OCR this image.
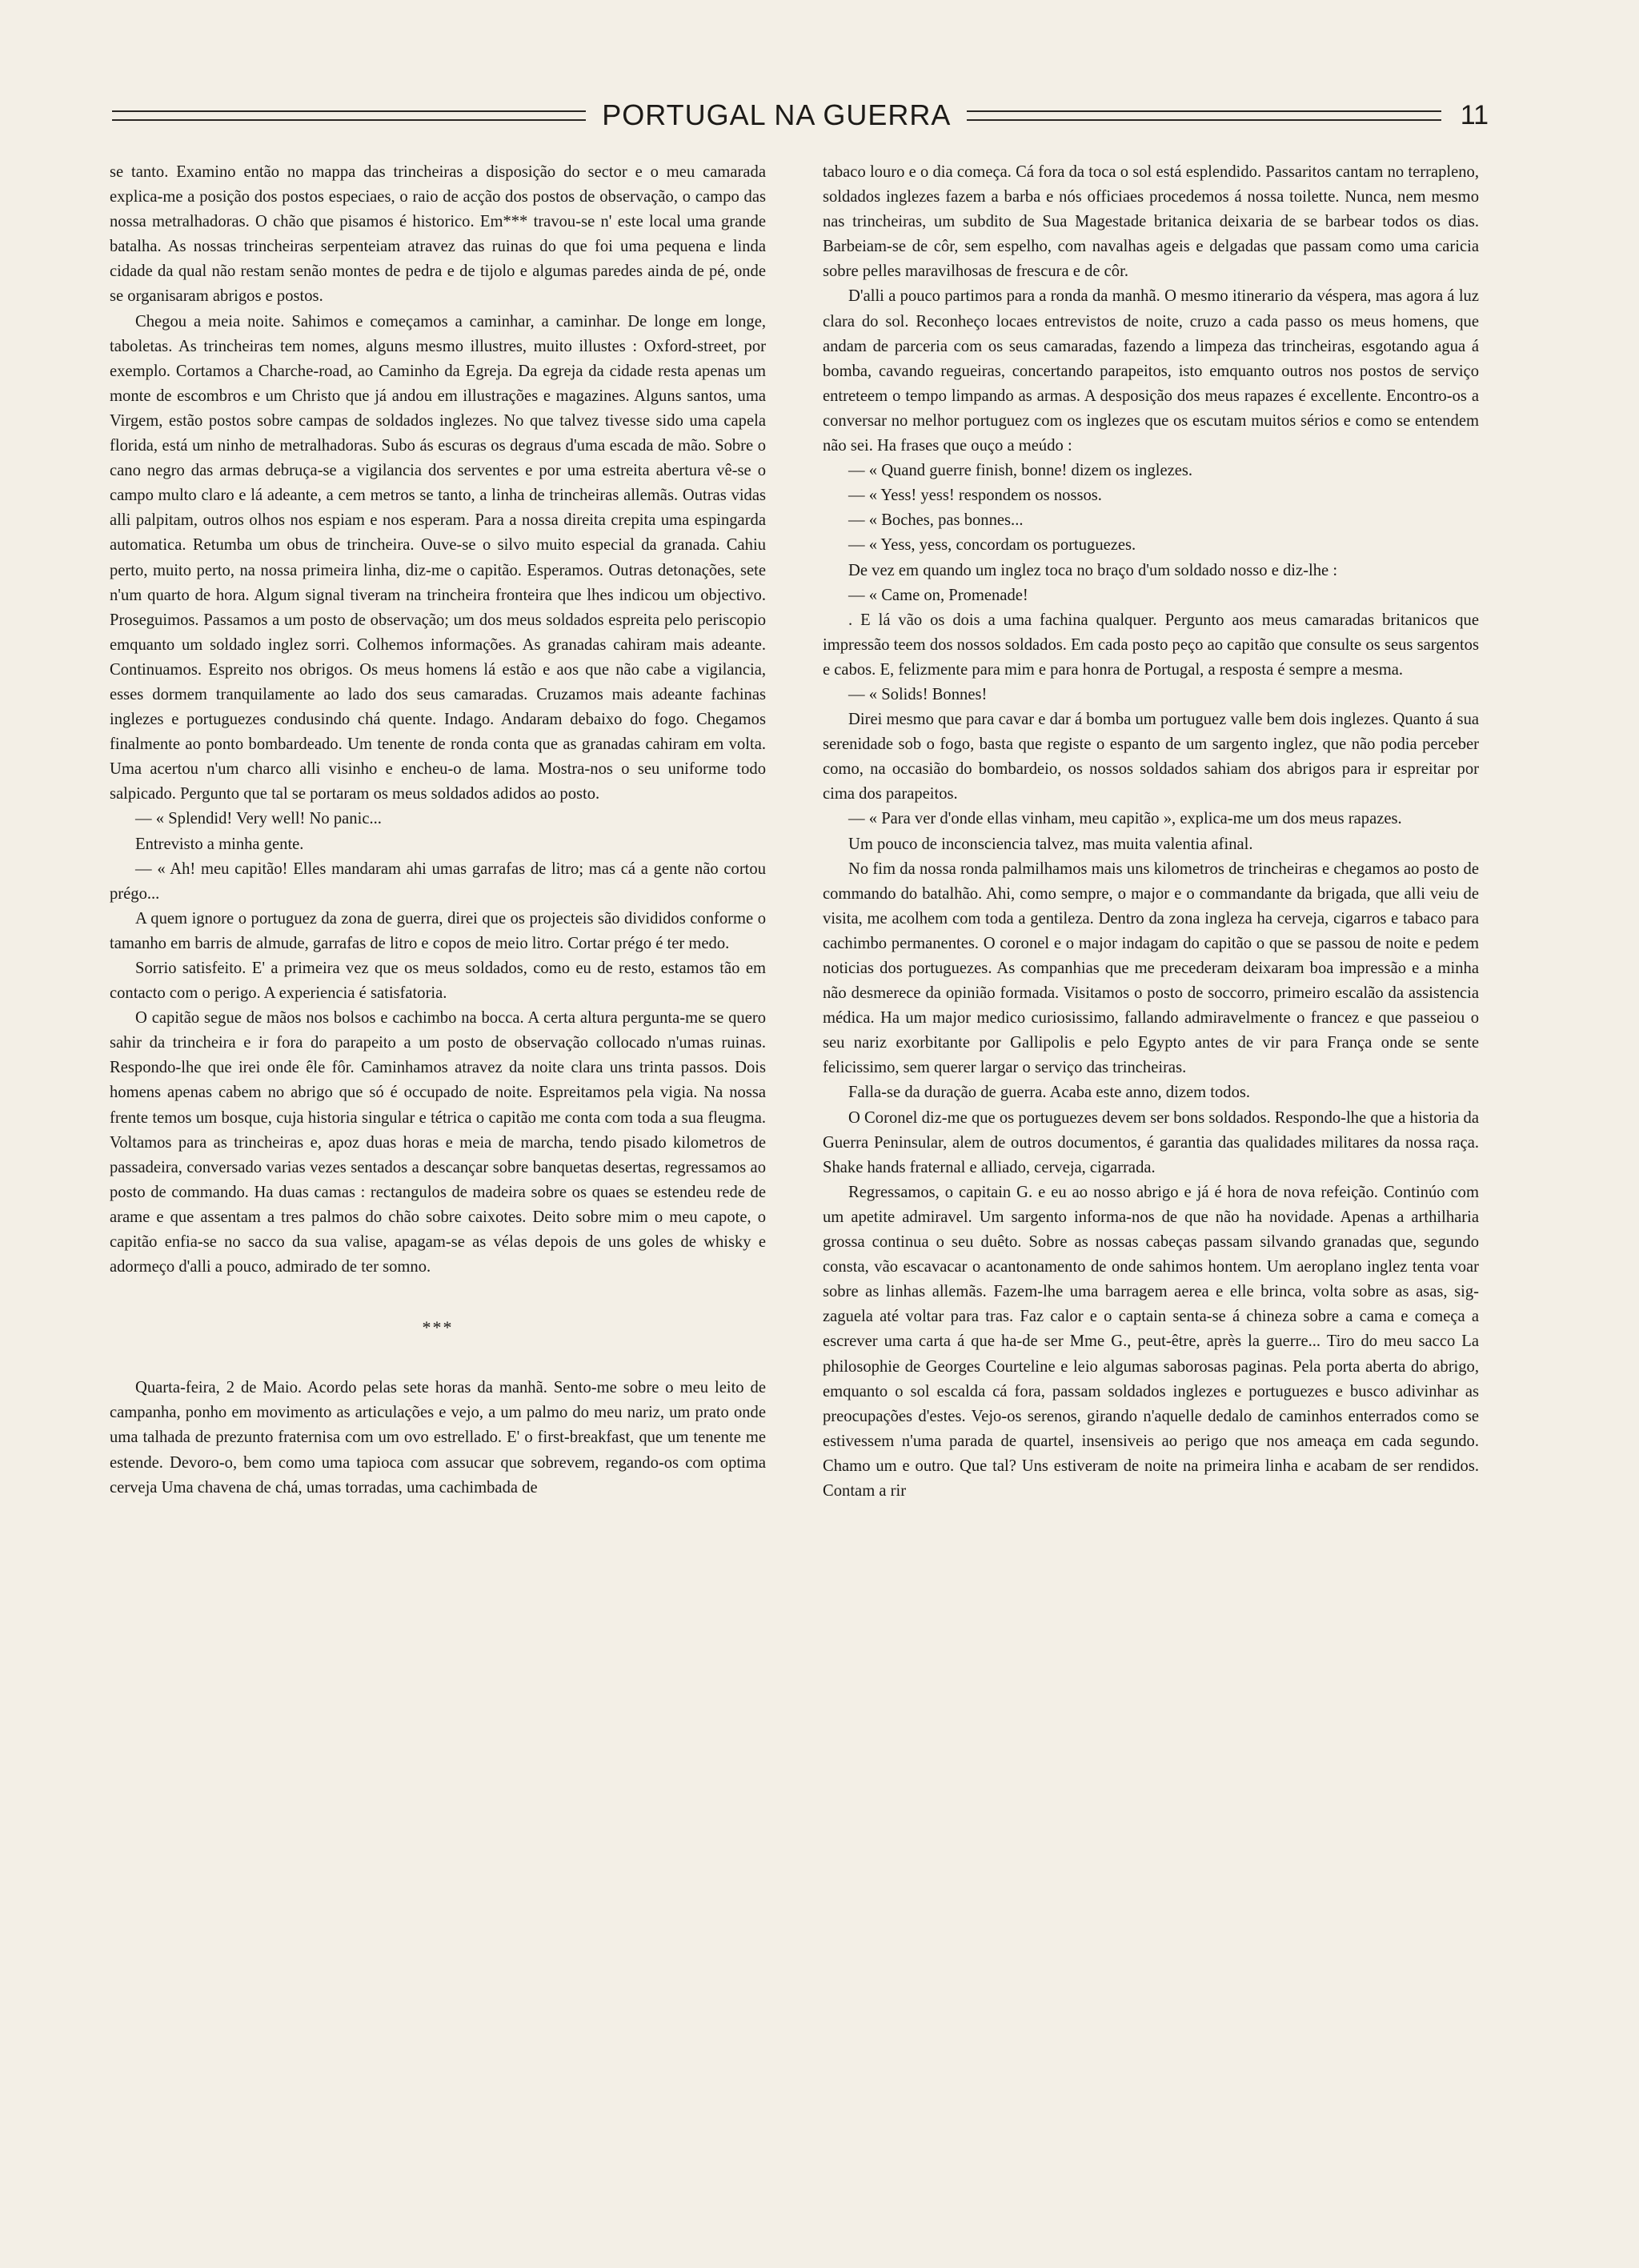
PORTUGAL NA GUERRA	11

se tanto. Examino então no mappa das trincheiras a disposição do sector e o meu camarada explica-me a posição dos postos especiaes, o raio de acção dos postos de observação, o campo das nossa metralhadoras. O chão que pisamos é historico. Em*** travou-se n' este local uma grande batalha. As nossas trincheiras serpenteiam atravez das ruinas do que foi uma pequena e linda cidade da qual não restam senão montes de pedra e de tijolo e algumas paredes ainda de pé, onde se organisaram abrigos e postos.

Chegou a meia noite. Sahimos e começamos a caminhar, a caminhar. De longe em longe, taboletas. As trincheiras tem nomes, alguns mesmo illustres, muito illustes : Oxford-street, por exemplo. Cortamos a Charche-road, ao Caminho da Egreja. Da egreja da cidade resta apenas um monte de escombros e um Christo que já andou em illustrações e magazines. Alguns santos, uma Virgem, estão postos sobre campas de soldados inglezes. No que talvez tivesse sido uma capela florida, está um ninho de metralhadoras. Subo ás escuras os degraus d'uma escada de mão. Sobre o cano negro das armas debruça-se a vigilancia dos serventes e por uma estreita abertura vê-se o campo multo claro e lá adeante, a cem metros se tanto, a linha de trincheiras allemãs. Outras vidas alli palpitam, outros olhos nos espiam e nos esperam. Para a nossa direita crepita uma espingarda automatica. Retumba um obus de trincheira. Ouve-se o silvo muito especial da granada. Cahiu perto, muito perto, na nossa primeira linha, diz-me o capitão. Esperamos. Outras detonações, sete n'um quarto de hora. Algum signal tiveram na trincheira fronteira que lhes indicou um objectivo. Proseguimos. Passamos a um posto de observação; um dos meus soldados espreita pelo periscopio emquanto um soldado inglez sorri. Colhemos informações. As granadas cahiram mais adeante. Continuamos. Espreito nos obrigos. Os meus homens lá estão e aos que não cabe a vigilancia, esses dormem tranquilamente ao lado dos seus camaradas. Cruzamos mais adeante fachinas inglezes e portuguezes condusindo chá quente. Indago. Andaram debaixo do fogo. Chegamos finalmente ao ponto bombardeado. Um tenente de ronda conta que as granadas cahiram em volta. Uma acertou n'um charco alli visinho e encheu-o de lama. Mostra-nos o seu uniforme todo salpicado. Pergunto que tal se portaram os meus soldados adidos ao posto.

— « Splendid! Very well! No panic...

Entrevisto a minha gente.

— « Ah! meu capitão! Elles mandaram ahi umas garrafas de litro; mas cá a gente não cortou prégo...

A quem ignore o portuguez da zona de guerra, direi que os projecteis são divididos conforme o tamanho em barris de almude, garrafas de litro e copos de meio litro. Cortar prégo é ter medo.

Sorrio satisfeito. E' a primeira vez que os meus soldados, como eu de resto, estamos tão em contacto com o perigo. A experiencia é satisfatoria.

O capitão segue de mãos nos bolsos e cachimbo na bocca. A certa altura pergunta-me se quero sahir da trincheira e ir fora do parapeito a um posto de observação collocado n'umas ruinas. Respondo-lhe que irei onde êle fôr. Caminhamos atravez da noite clara uns trinta passos. Dois homens apenas cabem no abrigo que só é occupado de noite. Espreitamos pela vigia. Na nossa frente temos um bosque, cuja historia singular e tétrica o capitão me conta com toda a sua fleugma. Voltamos para as trincheiras e, apoz duas horas e meia de marcha, tendo pisado kilometros de passadeira, conversado varias vezes sentados a descançar sobre banquetas desertas, regressamos ao posto de commando. Ha duas camas : rectangulos de madeira sobre os quaes se estendeu rede de arame e que assentam a tres palmos do chão sobre caixotes. Deito sobre mim o meu capote, o capitão enfia-se no sacco da sua valise, apagam-se as vélas depois de uns goles de whisky e adormeço d'alli a pouco, admirado de ter somno.

***

Quarta-feira, 2 de Maio. Acordo pelas sete horas da manhã. Sento-me sobre o meu leito de campanha, ponho em movimento as articulações e vejo, a um palmo do meu nariz, um prato onde uma talhada de prezunto fraternisa com um ovo estrellado. E' o first-breakfast, que um tenente me estende. Devoro-o, bem como uma tapioca com assucar que sobrevem, regando-os com optima cerveja Uma chavena de chá, umas torradas, uma cachimbada de

tabaco louro e o dia começa. Cá fora da toca o sol está esplendido. Passaritos cantam no terrapleno, soldados inglezes fazem a barba e nós officiaes procedemos á nossa toilette. Nunca, nem mesmo nas trincheiras, um subdito de Sua Magestade britanica deixaria de se barbear todos os dias. Barbeiam-se de côr, sem espelho, com navalhas ageis e delgadas que passam como uma caricia sobre pelles maravilhosas de frescura e de côr.

D'alli a pouco partimos para a ronda da manhã. O mesmo itinerario da véspera, mas agora á luz clara do sol. Reconheço locaes entrevistos de noite, cruzo a cada passo os meus homens, que andam de parceria com os seus camaradas, fazendo a limpeza das trincheiras, esgotando agua á bomba, cavando regueiras, concertando parapeitos, isto emquanto outros nos postos de serviço entreteem o tempo limpando as armas. A desposição dos meus rapazes é excellente. Encontro-os a conversar no melhor portuguez com os inglezes que os escutam muitos sérios e como se entendem não sei. Ha frases que ouço a meúdo :

— « Quand guerre finish, bonne! dizem os inglezes.

— « Yess! yess! respondem os nossos.

— « Boches, pas bonnes...

— « Yess, yess, concordam os portuguezes.

De vez em quando um inglez toca no braço d'um soldado nosso e diz-lhe :

— « Came on, Promenade!

. E lá vão os dois a uma fachina qualquer. Pergunto aos meus camaradas britanicos que impressão teem dos nossos soldados. Em cada posto peço ao capitão que consulte os seus sargentos e cabos. E, felizmente para mim e para honra de Portugal, a resposta é sempre a mesma.

— « Solids! Bonnes!

Direi mesmo que para cavar e dar á bomba um portuguez valle bem dois inglezes. Quanto á sua serenidade sob o fogo, basta que registe o espanto de um sargento inglez, que não podia perceber como, na occasião do bombardeio, os nossos soldados sahiam dos abrigos para ir espreitar por cima dos parapeitos.

— « Para ver d'onde ellas vinham, meu capitão », explica-me um dos meus rapazes.

Um pouco de inconsciencia talvez, mas muita valentia afinal.

No fim da nossa ronda palmilhamos mais uns kilometros de trincheiras e chegamos ao posto de commando do batalhão. Ahi, como sempre, o major e o commandante da brigada, que alli veiu de visita, me acolhem com toda a gentileza. Dentro da zona ingleza ha cerveja, cigarros e tabaco para cachimbo permanentes. O coronel e o major indagam do capitão o que se passou de noite e pedem noticias dos portuguezes. As companhias que me precederam deixaram boa impressão e a minha não desmerece da opinião formada. Visitamos o posto de soccorro, primeiro escalão da assistencia médica. Ha um major medico curiosissimo, fallando admiravelmente o francez e que passeiou o seu nariz exorbitante por Gallipolis e pelo Egypto antes de vir para França onde se sente felicissimo, sem querer largar o serviço das trincheiras.

Falla-se da duração de guerra. Acaba este anno, dizem todos.

O Coronel diz-me que os portuguezes devem ser bons soldados. Respondo-lhe que a historia da Guerra Peninsular, alem de outros documentos, é garantia das qualidades militares da nossa raça. Shake hands fraternal e alliado, cerveja, cigarrada.

Regressamos, o capitain G. e eu ao nosso abrigo e já é hora de nova refeição. Continúo com um apetite admiravel. Um sargento informa-nos de que não ha novidade. Apenas a arthilharia grossa continua o seu duêto. Sobre as nossas cabeças passam silvando granadas que, segundo consta, vão escavacar o acantonamento de onde sahimos hontem. Um aeroplano inglez tenta voar sobre as linhas allemãs. Fazem-lhe uma barragem aerea e elle brinca, volta sobre as asas, sig-zaguela até voltar para tras. Faz calor e o captain senta-se á chineza sobre a cama e começa a escrever uma carta á que ha-de ser Mme G., peut-être, après la guerre... Tiro do meu sacco La philosophie de Georges Courteline e leio algumas saborosas paginas. Pela porta aberta do abrigo, emquanto o sol escalda cá fora, passam soldados inglezes e portuguezes e busco adivinhar as preocupações d'estes. Vejo-os serenos, girando n'aquelle dedalo de caminhos enterrados como se estivessem n'uma parada de quartel, insensiveis ao perigo que nos ameaça em cada segundo. Chamo um e outro. Que tal? Uns estiveram de noite na primeira linha e acabam de ser rendidos. Contam a rir
